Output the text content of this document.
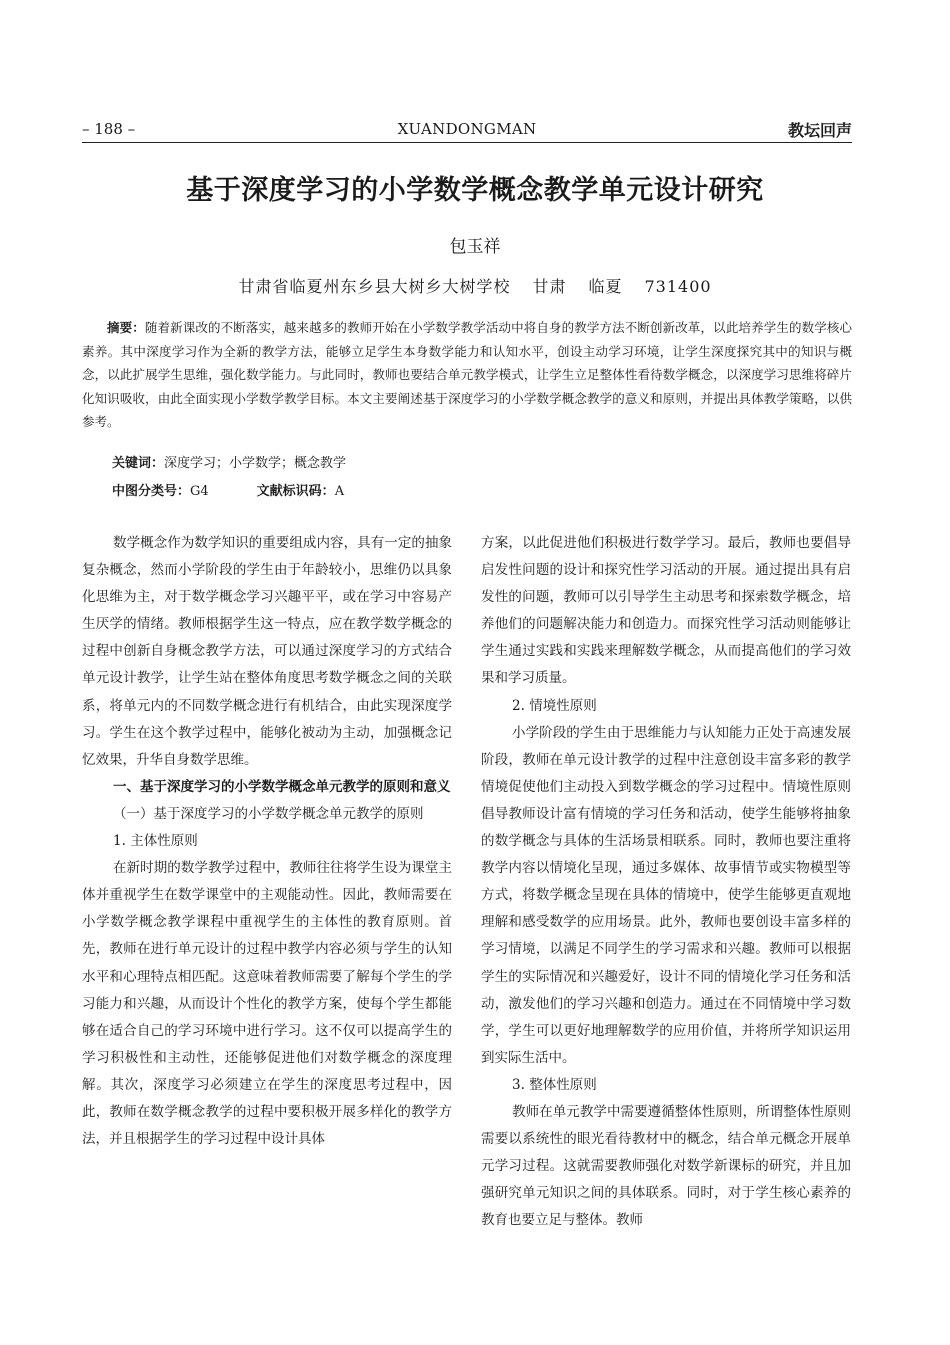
– 188 –	XUANDONGMAN	教坛回声
基于深度学习的小学数学概念教学单元设计研究
包玉祥
甘肃省临夏州东乡县大树乡大树学校 甘肃 临夏 731400
摘要：随着新课改的不断落实，越来越多的教师开始在小学数学教学活动中将自身的教学方法不断创新改革，以此培养学生的数学核心素养。其中深度学习作为全新的教学方法，能够立足学生本身数学能力和认知水平，创设主动学习环境，让学生深度探究其中的知识与概念，以此扩展学生思维，强化数学能力。与此同时，教师也要结合单元教学模式，让学生立足整体性看待数学概念，以深度学习思维将碎片化知识吸收，由此全面实现小学数学教学目标。本文主要阐述基于深度学习的小学数学概念教学的意义和原则，并提出具体教学策略，以供参考。
关键词：深度学习；小学数学；概念教学
中图分类号：G4	文献标识码：A

数学概念作为数学知识的重要组成内容，具有一定的抽象复杂概念，然而小学阶段的学生由于年龄较小，思维仍以具象化思维为主，对于数学概念学习兴趣平平，或在学习中容易产生厌学的情绪。教师根据学生这一特点，应在教学数学概念的过程中创新自身概念教学方法，可以通过深度学习的方式结合单元设计教学，让学生站在整体角度思考数学概念之间的关联系，将单元内的不同数学概念进行有机结合，由此实现深度学习。学生在这个教学过程中，能够化被动为主动，加强概念记忆效果，升华自身数学思维。

一、基于深度学习的小学数学概念单元教学的原则和意义

（一）基于深度学习的小学数学概念单元教学的原则

1. 主体性原则

在新时期的数学教学过程中，教师往往将学生设为课堂主体并重视学生在数学课堂中的主观能动性。因此，教师需要在小学数学概念教学课程中重视学生的主体性的教育原则。首先，教师在进行单元设计的过程中教学内容必须与学生的认知水平和心理特点相匹配。这意味着教师需要了解每个学生的学习能力和兴趣，从而设计个性化的教学方案，使每个学生都能够在适合自己的学习环境中进行学习。这不仅可以提高学生的学习积极性和主动性，还能够促进他们对数学概念的深度理解。其次，深度学习必须建立在学生的深度思考过程中，因此，教师在数学概念教学的过程中要积极开展多样化的教学方法，并且根据学生的学习过程中设计具体

方案，以此促进他们积极进行数学学习。最后，教师也要倡导启发性问题的设计和探究性学习活动的开展。通过提出具有启发性的问题，教师可以引导学生主动思考和探索数学概念，培养他们的问题解决能力和创造力。而探究性学习活动则能够让学生通过实践和实践来理解数学概念，从而提高他们的学习效果和学习质量。

2. 情境性原则

小学阶段的学生由于思维能力与认知能力正处于高速发展阶段，教师在单元设计教学的过程中注意创设丰富多彩的教学情境促使他们主动投入到数学概念的学习过程中。情境性原则倡导教师设计富有情境的学习任务和活动，使学生能够将抽象的数学概念与具体的生活场景相联系。同时，教师也要注重将教学内容以情境化呈现，通过多媒体、故事情节或实物模型等方式，将数学概念呈现在具体的情境中，使学生能够更直观地理解和感受数学的应用场景。此外，教师也要创设丰富多样的学习情境，以满足不同学生的学习需求和兴趣。教师可以根据学生的实际情况和兴趣爱好，设计不同的情境化学习任务和活动，激发他们的学习兴趣和创造力。通过在不同情境中学习数学，学生可以更好地理解数学的应用价值，并将所学知识运用到实际生活中。

3. 整体性原则

教师在单元教学中需要遵循整体性原则，所谓整体性原则需要以系统性的眼光看待教材中的概念，结合单元概念开展单元学习过程。这就需要教师强化对数学新课标的研究，并且加强研究单元知识之间的具体联系。同时，对于学生核心素养的教育也要立足与整体。教师
